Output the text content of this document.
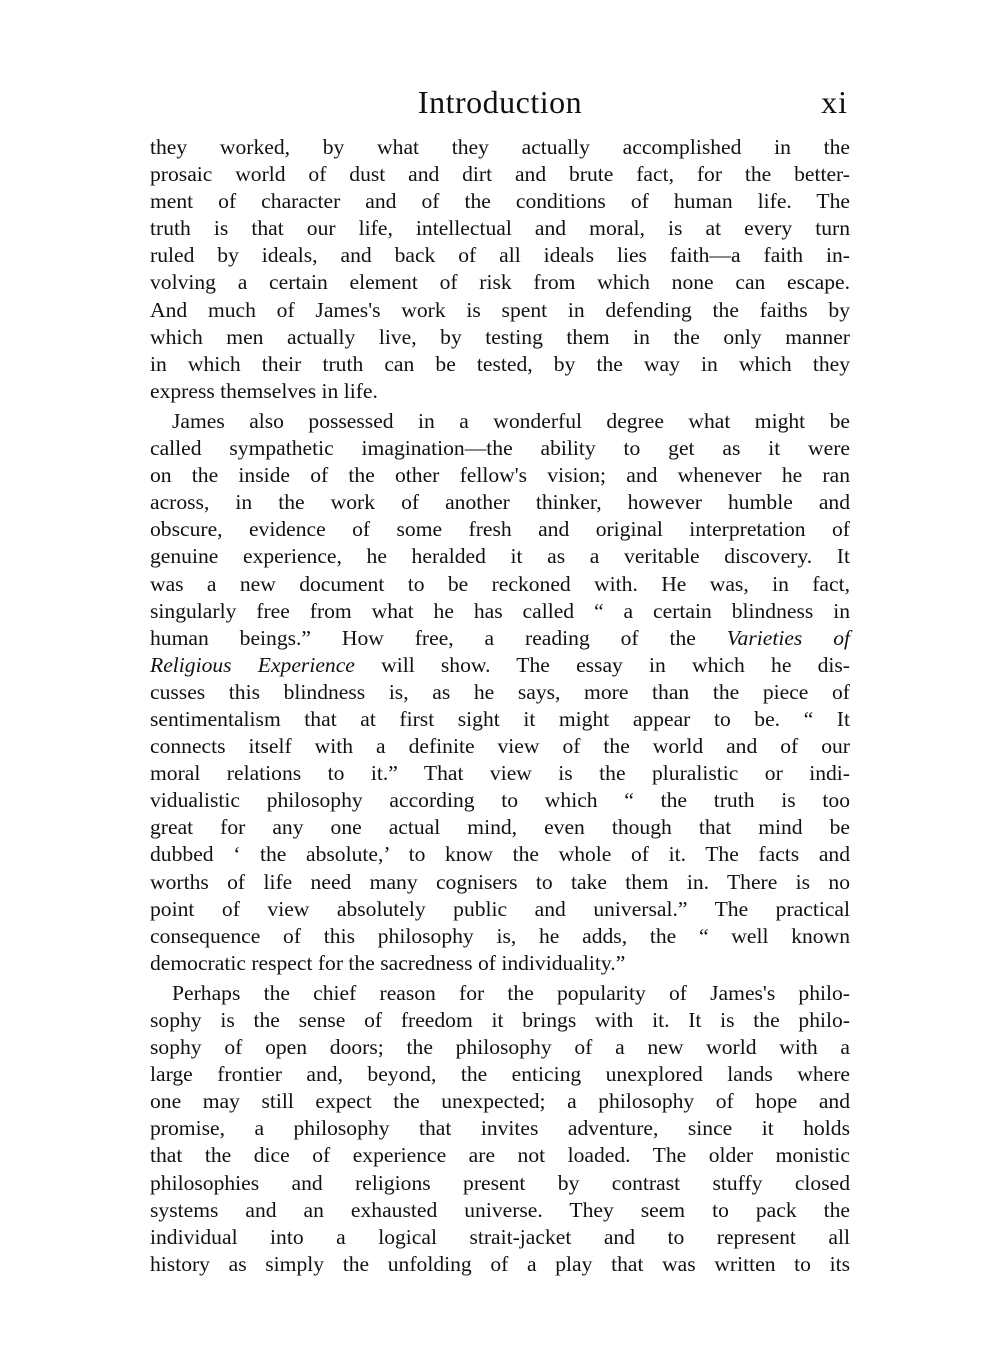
Introduction	xi
they worked, by what they actually accomplished in the
prosaic world of dust and dirt and brute fact, for the better-
ment of character and of the conditions of human life. The
truth is that our life, intellectual and moral, is at every turn
ruled by ideals, and back of all ideals lies faith—a faith in-
volving a certain element of risk from which none can escape.
And much of James's work is spent in defending the faiths by
which men actually live, by testing them in the only manner
in which their truth can be tested, by the way in which they
express themselves in life.
James also possessed in a wonderful degree what might be
called sympathetic imagination—the ability to get as it were
on the inside of the other fellow's vision; and whenever he ran
across, in the work of another thinker, however humble and
obscure, evidence of some fresh and original interpretation of
genuine experience, he heralded it as a veritable discovery. It
was a new document to be reckoned with. He was, in fact,
singularly free from what he has called “ a certain blindness in
human beings.” How free, a reading of the Varieties of
Religious Experience will show. The essay in which he dis-
cusses this blindness is, as he says, more than the piece of
sentimentalism that at first sight it might appear to be. “ It
connects itself with a definite view of the world and of our
moral relations to it.” That view is the pluralistic or indi-
vidualistic philosophy according to which “ the truth is too
great for any one actual mind, even though that mind be
dubbed ‘ the absolute,’ to know the whole of it. The facts and
worths of life need many cognisers to take them in. There is no
point of view absolutely public and universal.” The practical
consequence of this philosophy is, he adds, the “ well known
democratic respect for the sacredness of individuality.”
Perhaps the chief reason for the popularity of James's philo-
sophy is the sense of freedom it brings with it. It is the philo-
sophy of open doors; the philosophy of a new world with a
large frontier and, beyond, the enticing unexplored lands where
one may still expect the unexpected; a philosophy of hope and
promise, a philosophy that invites adventure, since it holds
that the dice of experience are not loaded. The older monistic
philosophies and religions present by contrast stuffy closed
systems and an exhausted universe. They seem to pack the
individual into a logical strait-jacket and to represent all
history as simply the unfolding of a play that was written to its
